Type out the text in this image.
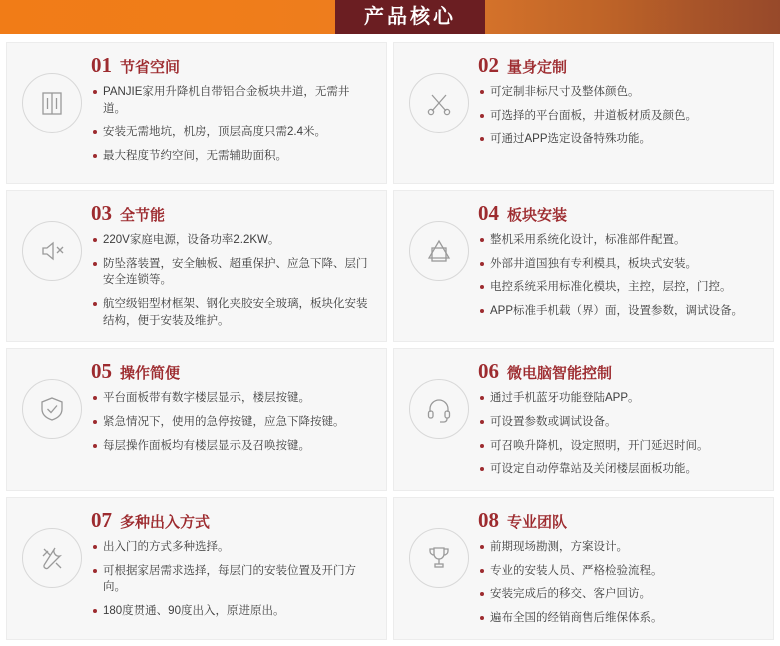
产品核心
01 节省空间
PANJIE家用升降机自带铝合金板块井道，无需井道。
安装无需地坑，机房，顶层高度只需2.4米。
最大程度节约空间，无需辅助面积。
02 量身定制
可定制非标尺寸及整体颜色。
可选择的平台面板，井道板材质及颜色。
可通过APP选定设备特殊功能。
03 全节能
220V家庭电源，设备功率2.2KW。
防坠落装置，安全触板、超重保护、应急下降、层门安全连锁等。
航空级铝型材框架、钢化夹胶安全玻璃，板块化安装结构，便于安装及维护。
04 板块安装
整机采用系统化设计，标准部件配置。
外部井道国独有专利模具，板块式安装。
电控系统采用标准化模块，主控，层控，门控。
APP标准手机载（界）面，设置参数，调试设备。
05 操作简便
平台面板带有数字楼层显示，楼层按键。
紧急情况下，使用的急停按键，应急下降按键。
每层操作面板均有楼层显示及召唤按键。
06 微电脑智能控制
通过手机蓝牙功能登陆APP。
可设置参数或调试设备。
可召唤升降机，设定照明，开门延迟时间。
可设定自动停靠站及关闭楼层面板功能。
07 多种出入方式
出入门的方式多种选择。
可根据家居需求选择，每层门的安装位置及开门方向。
180度贯通、90度出入，原进原出。
08 专业团队
前期现场勘测，方案设计。
专业的安装人员、严格检验流程。
安装完成后的移交、客户回访。
遍布全国的经销商售后维保体系。
